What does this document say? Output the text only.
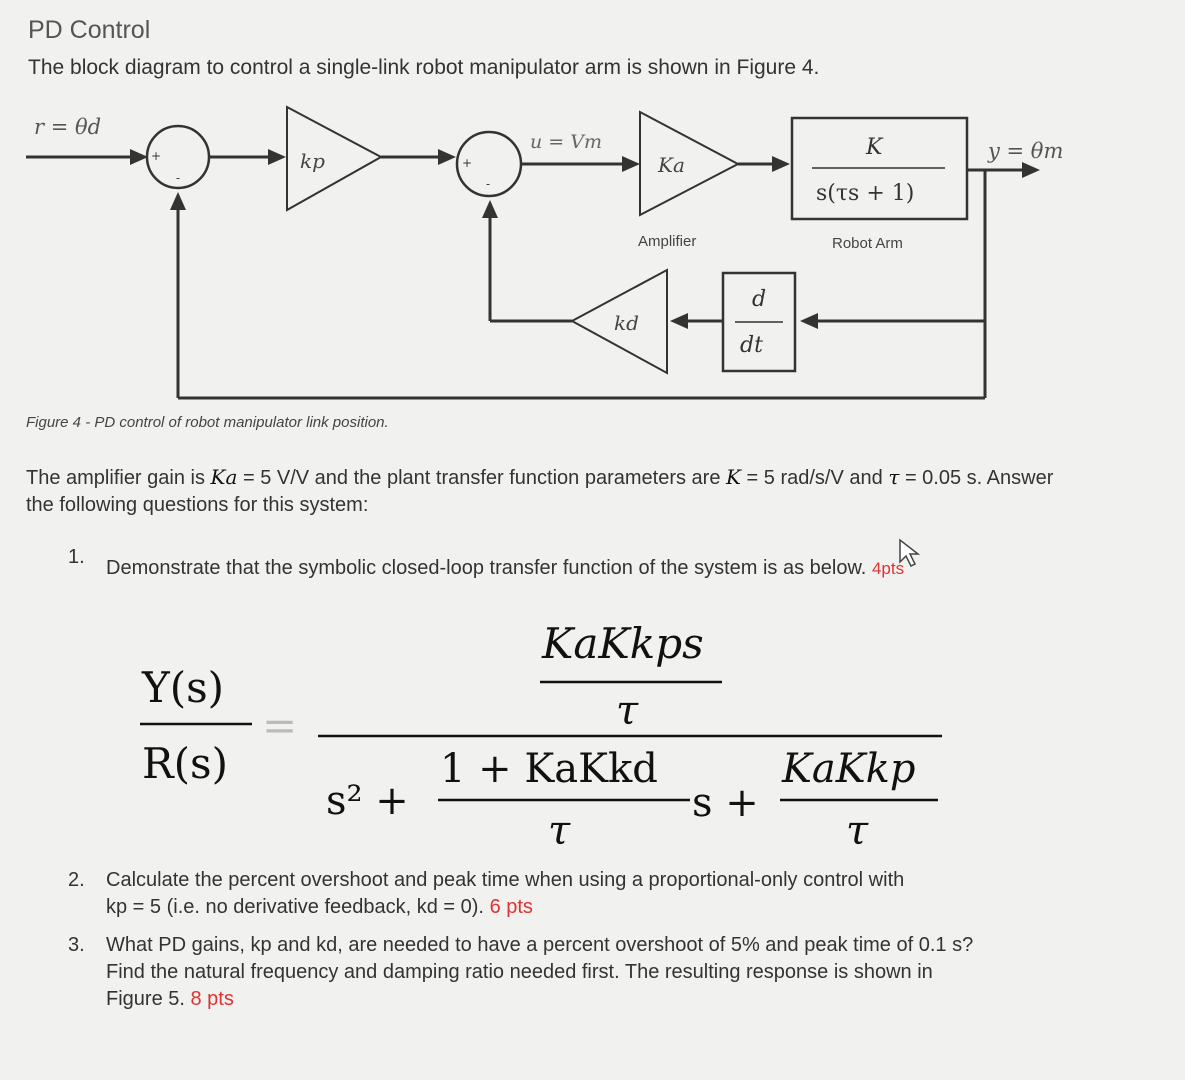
PD Control
The block diagram to control a single-link robot manipulator arm is shown in Figure 4.
r = θd
y = θm
u = Vm
kp	Ka
kd
K
s(τs + 1)
d
dt
Amplifier	Robot Arm
+
-
+
-
Figure 4 - PD control of robot manipulator link position.
The amplifier gain is Ka = 5 V/V and the plant transfer function parameters are K = 5 rad/s/V and τ = 0.05 s. Answer the following questions for this system:
1. Demonstrate that the symbolic closed-loop transfer function of the system is as below. 4pts
Y(s)
R(s)
=
KaKkps
τ
s² +
1 + KaKkd
τ
s +
KaKkp
τ
2. Calculate the percent overshoot and peak time when using a proportional-only control with
kp = 5 (i.e. no derivative feedback, kd = 0). 6 pts
3. What PD gains, kp and kd, are needed to have a percent overshoot of 5% and peak time of 0.1 s?
Find the natural frequency and damping ratio needed first. The resulting response is shown in
Figure 5. 8 pts
